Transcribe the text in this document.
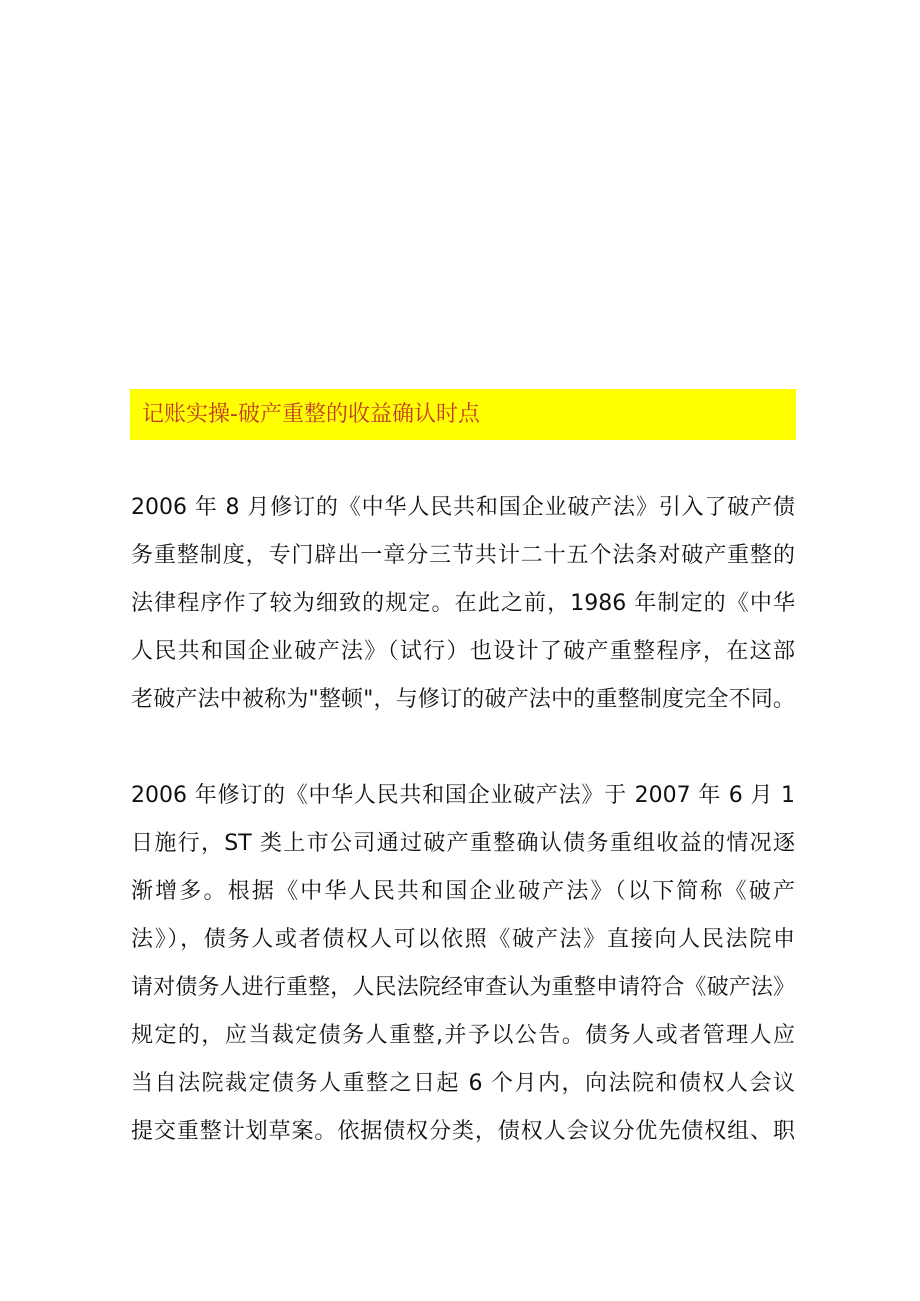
记账实操-破产重整的收益确认时点

2006 年 8 月修订的《中华人民共和国企业破产法》引入了破产债
务重整制度，专门辟出一章分三节共计二十五个法条对破产重整的
法律程序作了较为细致的规定。在此之前，1986 年制定的《中华
人民共和国企业破产法》（试行）也设计了破产重整程序，在这部
老破产法中被称为"整顿"，与修订的破产法中的重整制度完全不同。

2006 年修订的《中华人民共和国企业破产法》于 2007 年 6 月 1
日施行，ST 类上市公司通过破产重整确认债务重组收益的情况逐
渐增多。根据《中华人民共和国企业破产法》（以下简称《破产
法》），债务人或者债权人可以依照《破产法》直接向人民法院申
请对债务人进行重整，人民法院经审查认为重整申请符合《破产法》
规定的，应当裁定债务人重整,并予以公告。债务人或者管理人应
当自法院裁定债务人重整之日起 6 个月内，向法院和债权人会议
提交重整计划草案。依据债权分类，债权人会议分优先债权组、职
